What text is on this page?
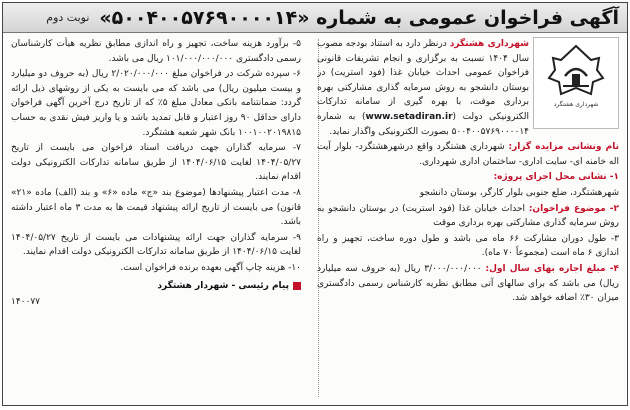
آگهی فراخوان عمومی به شماره «۵۰۰۴۰۰۵۷۶۹۰۰۰۰۱۴»
نوبت دوم
شهرداری هشتگرد

شهرداری هشتگرد درنظر دارد به استناد بودجه مصوب سال ۱۴۰۴ نسبت به برگزاری و انجام تشریفات قانونی فراخوان عمومی احداث خیابان غذا (فود استریت) در بوستان دانشجو به روش سرمایه گذاری مشارکتی بهره برداری موقت، با بهره گیری از سامانه تدارکات الکترونیکی دولت (www.setadiran.ir) به شماره ۵۰۰۴۰۰۵۷۶۹۰۰۰۰۱۴ بصورت الکترونیکی واگذار نماید.

نام ونشانی مزایده گزار: شهرداری هشتگرد واقع درشهرهشتگرد- بلوار آیت اله خامنه ای- سایت اداری- ساختمان اداری شهرداری.

۱- نشانی محل اجرای پروژه:

شهرهشتگرد، ضلع جنوبی بلوار کارگر، بوستان دانشجو

۲- موضوع فراخوان: احداث خیابان غذا (فود استریت) در بوستان دانشجو به روش سرمایه گذاری مشارکتی بهره برداری موقت

۳- طول دوران مشارکت ۶۶ ماه می باشد و طول دوره ساخت، تجهیز و راه اندازی ۶ ماه است (مجموعاً ۷۰ ماه).

۴- مبلغ اجاره بهای سال اول: ۳/۰۰۰/۰۰۰/۰۰۰ ریال (به حروف سه میلیارد ریال) می باشد که برای سالهای آتی مطابق نظریه کارشناس رسمی دادگستری میزان ۳۰٪ اضافه خواهد شد.

۵- برآورد هزینه ساخت، تجهیز و راه اندازی مطابق نظریه هیأت کارشناسان رسمی دادگستری ۱۰۱/۰۰۰/۰۰۰/۰۰۰ ریال می باشد.

۶- سپرده شرکت در فراخوان مبلغ ۲/۰۲۰/۰۰۰/۰۰۰ ریال (به حروف دو میلیارد و بیست میلیون ریال) می باشد که می بایست به یکی از روشهای ذیل ارائه گردد: ضمانتنامه بانکی معادل مبلغ ۵٪ که از تاریخ درج آخرین آگهی فراخوان دارای حداقل ۹۰ روز اعتبار و قابل تمدید باشد و یا واریز فیش نقدی به حساب ۱۰۰۱۰۰۲۰۱۹۸۱۵ بانک شهر شعبه هشتگرد.

۷- سرمایه گذاران جهت دریافت اسناد فراخوان می بایست از تاریخ ۱۴۰۴/۰۵/۲۷ لغایت ۱۴۰۴/۰۶/۱۵ از طریق سامانه تدارکات الکترونیکی دولت اقدام نمایند.

۸- مدت اعتبار پیشنهادها (موضوع بند «ج» ماده «۶» و بند (الف) ماده «۲۱» قانون) می بایست از تاریخ ارائه پیشنهاد قیمت ها به مدت ۳ ماه اعتبار داشته باشد.

۹- سرمایه گذاران جهت ارائه پیشنهادات می بایست از تاریخ ۱۴۰۴/۰۵/۲۷ لغایت ۱۴۰۴/۰۶/۱۵ از طریق سامانه تدارکات الکترونیکی دولت اقدام نمایند.

۱۰- هزینه چاپ آگهی بعهده برنده فراخوان است.

پیام رئیسی - شهردار هشتگرد
۱۴۰۰۷۷
